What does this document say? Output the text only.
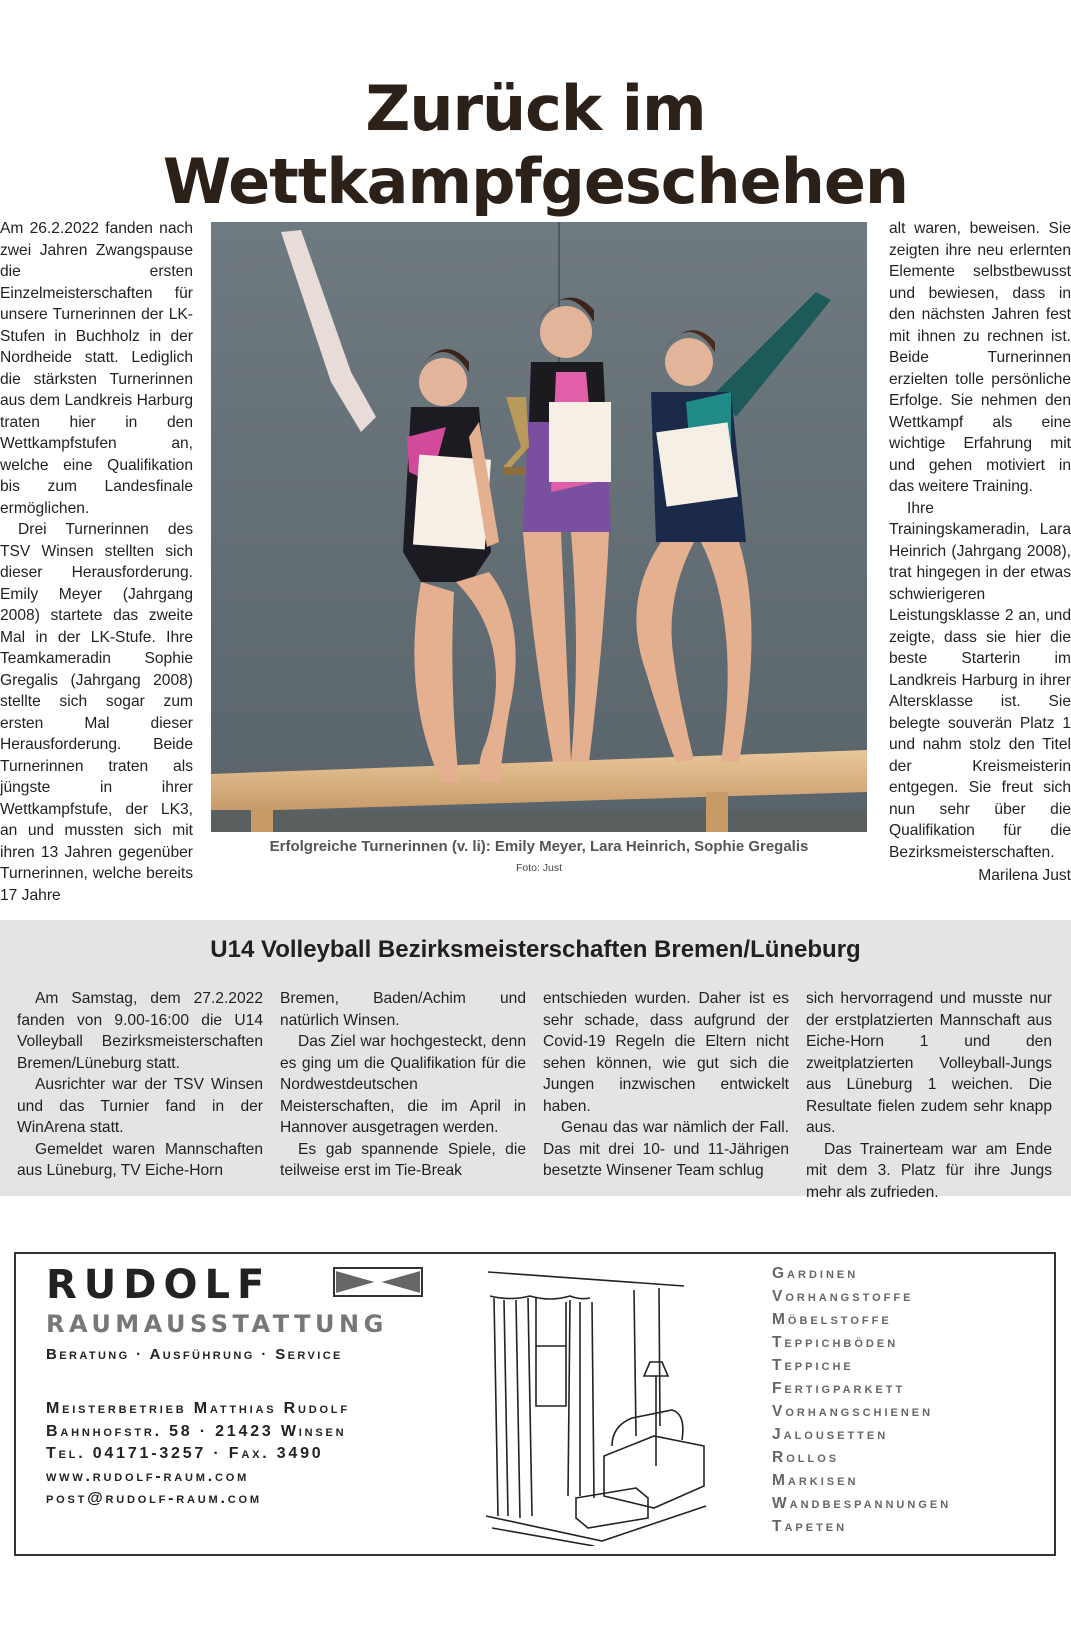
Zurück im Wettkampfgeschehen

Am 26.2.2022 fanden nach zwei Jahren Zwangspause die ersten Einzelmeisterschaften für unsere Turnerinnen der LK-Stufen in Buchholz in der Nordheide statt. Lediglich die stärksten Turnerinnen aus dem Landkreis Harburg traten hier in den Wettkampfstufen an, welche eine Qualifikation bis zum Landesfinale ermöglichen.

Drei Turnerinnen des TSV Winsen stellten sich dieser Herausforderung. Emily Meyer (Jahrgang 2008) startete das zweite Mal in der LK-Stufe. Ihre Teamkameradin Sophie Gregalis (Jahrgang 2008) stellte sich sogar zum ersten Mal dieser Herausforderung. Beide Turnerinnen traten als jüngste in ihrer Wettkampfstufe, der LK3, an und mussten sich mit ihren 13 Jahren gegenüber Turnerinnen, welche bereits 17 Jahre

Erfolgreiche Turnerinnen (v. li): Emily Meyer, Lara Heinrich, Sophie Gregalis
Foto: Just

alt waren, beweisen. Sie zeigten ihre neu erlernten Elemente selbstbewusst und bewiesen, dass in den nächsten Jahren fest mit ihnen zu rechnen ist. Beide Turnerinnen erzielten tolle persönliche Erfolge. Sie nehmen den Wettkampf als eine wichtige Erfahrung mit und gehen motiviert in das weitere Training.

Ihre Trainingskameradin, Lara Heinrich (Jahrgang 2008), trat hingegen in der etwas schwierigeren Leistungsklasse 2 an, und zeigte, dass sie hier die beste Starterin im Landkreis Harburg in ihrer Altersklasse ist. Sie belegte souverän Platz 1 und nahm stolz den Titel der Kreismeisterin entgegen. Sie freut sich nun sehr über die Qualifikation für die Bezirksmeisterschaften.

Marilena Just

U14 Volleyball Bezirksmeisterschaften Bremen/Lüneburg

Am Samstag, dem 27.2.2022 fanden von 9.00-16:00 die U14 Volleyball Bezirksmeisterschaften Bremen/Lüneburg statt.

Ausrichter war der TSV Winsen und das Turnier fand in der WinArena statt.

Gemeldet waren Mannschaften aus Lüneburg, TV Eiche-Horn

Bremen, Baden/Achim und natürlich Winsen.

Das Ziel war hochgesteckt, denn es ging um die Qualifikation für die Nordwestdeutschen Meisterschaften, die im April in Hannover ausgetragen werden.

Es gab spannende Spiele, die teilweise erst im Tie-Break

entschieden wurden. Daher ist es sehr schade, dass aufgrund der Covid-19 Regeln die Eltern nicht sehen können, wie gut sich die Jungen inzwischen entwickelt haben.

Genau das war nämlich der Fall. Das mit drei 10- und 11-Jährigen besetzte Winsener Team schlug

sich hervorragend und musste nur der erstplatzierten Mannschaft aus Eiche-Horn 1 und den zweitplatzierten Volleyball-Jungs aus Lüneburg 1 weichen. Die Resultate fielen zudem sehr knapp aus.

Das Trainerteam war am Ende mit dem 3. Platz für ihre Jungs mehr als zufrieden.

RUDOLF
RAUMAUSSTATTUNG
Beratung · Ausführung · Service
Meisterbetrieb Matthias Rudolf
Bahnhofstr. 58 · 21423 Winsen
Tel. 04171-3257 · Fax. 3490
www.rudolf-raum.com
post@rudolf-raum.com
Gardinen
Vorhangstoffe
Möbelstoffe
Teppichböden
Teppiche
Fertigparkett
Vorhangschienen
Jalousetten
Rollos
Markisen
Wandbespannungen
Tapeten
